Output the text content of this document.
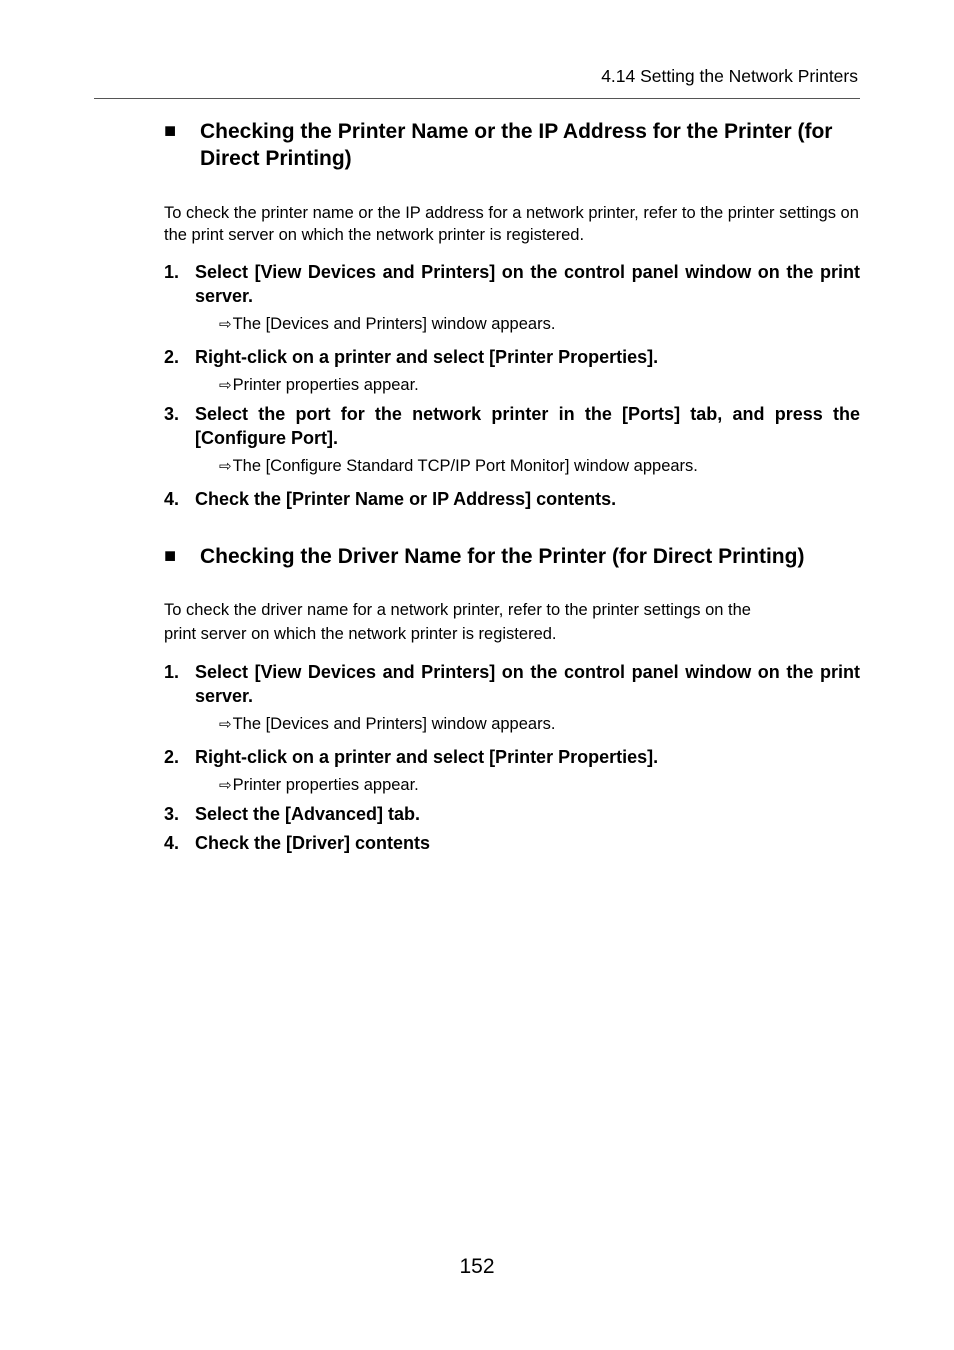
4.14 Setting the Network Printers
■ Checking the Printer Name or the IP Address for the Printer (for Direct Printing)

To check the printer name or the IP address for a network printer, refer to the printer settings on the print server on which the network printer is registered.

1. Select [View Devices and Printers] on the control panel window on the print server.
⇨The [Devices and Printers] window appears.
2. Right-click on a printer and select [Printer Properties].
⇨Printer properties appear.
3. Select the port for the network printer in the [Ports] tab, and press the [Configure Port].
⇨The [Configure Standard TCP/IP Port Monitor] window appears.
4. Check the [Printer Name or IP Address] contents.
■ Checking the Driver Name for the Printer (for Direct Printing)

To check the driver name for a network printer, refer to the printer settings on the
print server on which the network printer is registered.

1. Select [View Devices and Printers] on the control panel window on the print server.
⇨The [Devices and Printers] window appears.
2. Right-click on a printer and select [Printer Properties].
⇨Printer properties appear.
3. Select the [Advanced] tab.
4. Check the [Driver] contents
152
